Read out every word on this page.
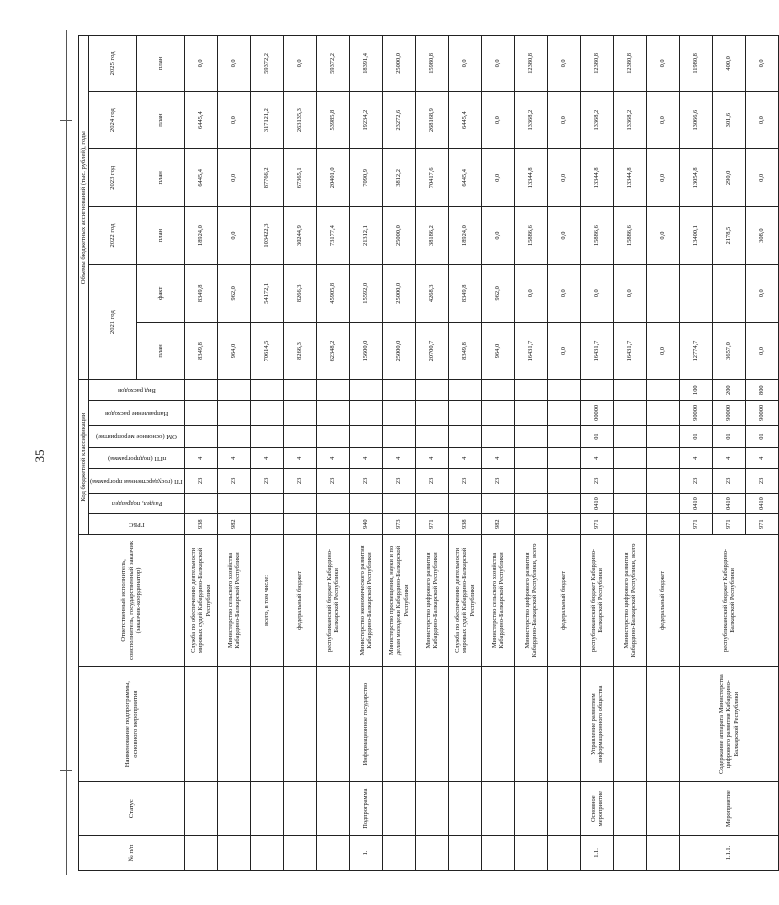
35
№ п/п	Статус	Наименование подпрограммы, основного мероприятия	Ответственный исполнитель, соисполнитель, государственный заказчик (заказчик-координатор)	Код бюджетной классификации							Объемы бюджетных ассигнований (тыс. рублей), годы					

				ГРБС	Раздел, подраздел	ГП (государственная программа)	пГП (подпрограмма)	ОМ (основное мероприятие)	Направление расходов	Вид расходов	2021 год		2022 год	2023 год	2024 год	2025 год
											план	факт	план	план	план	план
			Служба по обеспечению деятельности мировых судей Кабардино-Балкарской Республики	938		23	4				8349,8	8349,8	18924,0	6445,4	6445,4	0,0
			Министерство сельского хозяйства Кабардино-Балкарской Республики	982		23	4				964,0	962,0	0,0	0,0	0,0	0,0
			всего, в том числе:			23	4				70614,5	54172,1	103422,3	87766,2	317121,2	59372,2
			федеральный бюджет			23	4				8266,3	8266,3	30244,9	67365,1	263135,3	0,0
			республиканский бюджет Кабардино-Балкарской Республики			23	4				62348,2	45905,8	73177,4	20401,0	53985,8	59372,2
1.	Подпрограмма	Информационное государство	Министерство экономического развития Кабардино-Балкарской Республики	940		23	4				15600,0	15592,0	21312,1	7090,9	19234,2	18391,4
			Министерство просвещения, науки и по делам молодежи Кабардино-Балкарской Республики	973		23	4				25000,0	25000,0	25000,0	3812,2	23272,6	25000,0
			Министерство цифрового развития Кабардино-Балкарской Республики	971		23	4				20700,7	4268,3	38186,2	70417,6	268168,9	15980,8
			Служба по обеспечению деятельности мировых судей Кабардино-Балкарской Республики	938		23	4				8349,8	8349,8	18924,0	6445,4	6445,4	0,0
			Министерство сельского хозяйства Кабардино-Балкарской Республики	982		23	4				964,0	962,0	0,0	0,0	0,0	0,0
			Министерство цифрового развития Кабардино-Балкарской Республики, всего								16431,7	0,0	15886,6	13344,8	13368,2	12380,8
			федеральный бюджет								0,0	0,0	0,0	0,0	0,0	0,0
1.1.	Основное мероприятие	Управление развитием информационного общества	республиканский бюджет Кабардино-Балкарской Республики	971	0410	23	4	01	00000		16431,7	0,0	15886,6	13344,8	13368,2	12380,8
			Министерство цифрового развития Кабардино-Балкарской Республики, всего								16431,7	0,0	15886,6	13344,8	13368,2	12380,8
			федеральный бюджет								0,0		0,0	0,0	0,0	0,0
1.1.1.	Мероприятие	Содержание аппарата Министерства цифрового развития Кабардино-Балкарской Республики	республиканский бюджет Кабардино-Балкарской Республики	971	0410	23	4	01	90000	100	12774,7		13400,1	13054,8	13066,6	11980,8
				971	0410	23	4	01	90000	200	3657,0		2178,5	290,0	301,6	400,0
				971	0410	23	4	01	90000	800	0,0	0,0	308,0	0,0	0,0	0,0
